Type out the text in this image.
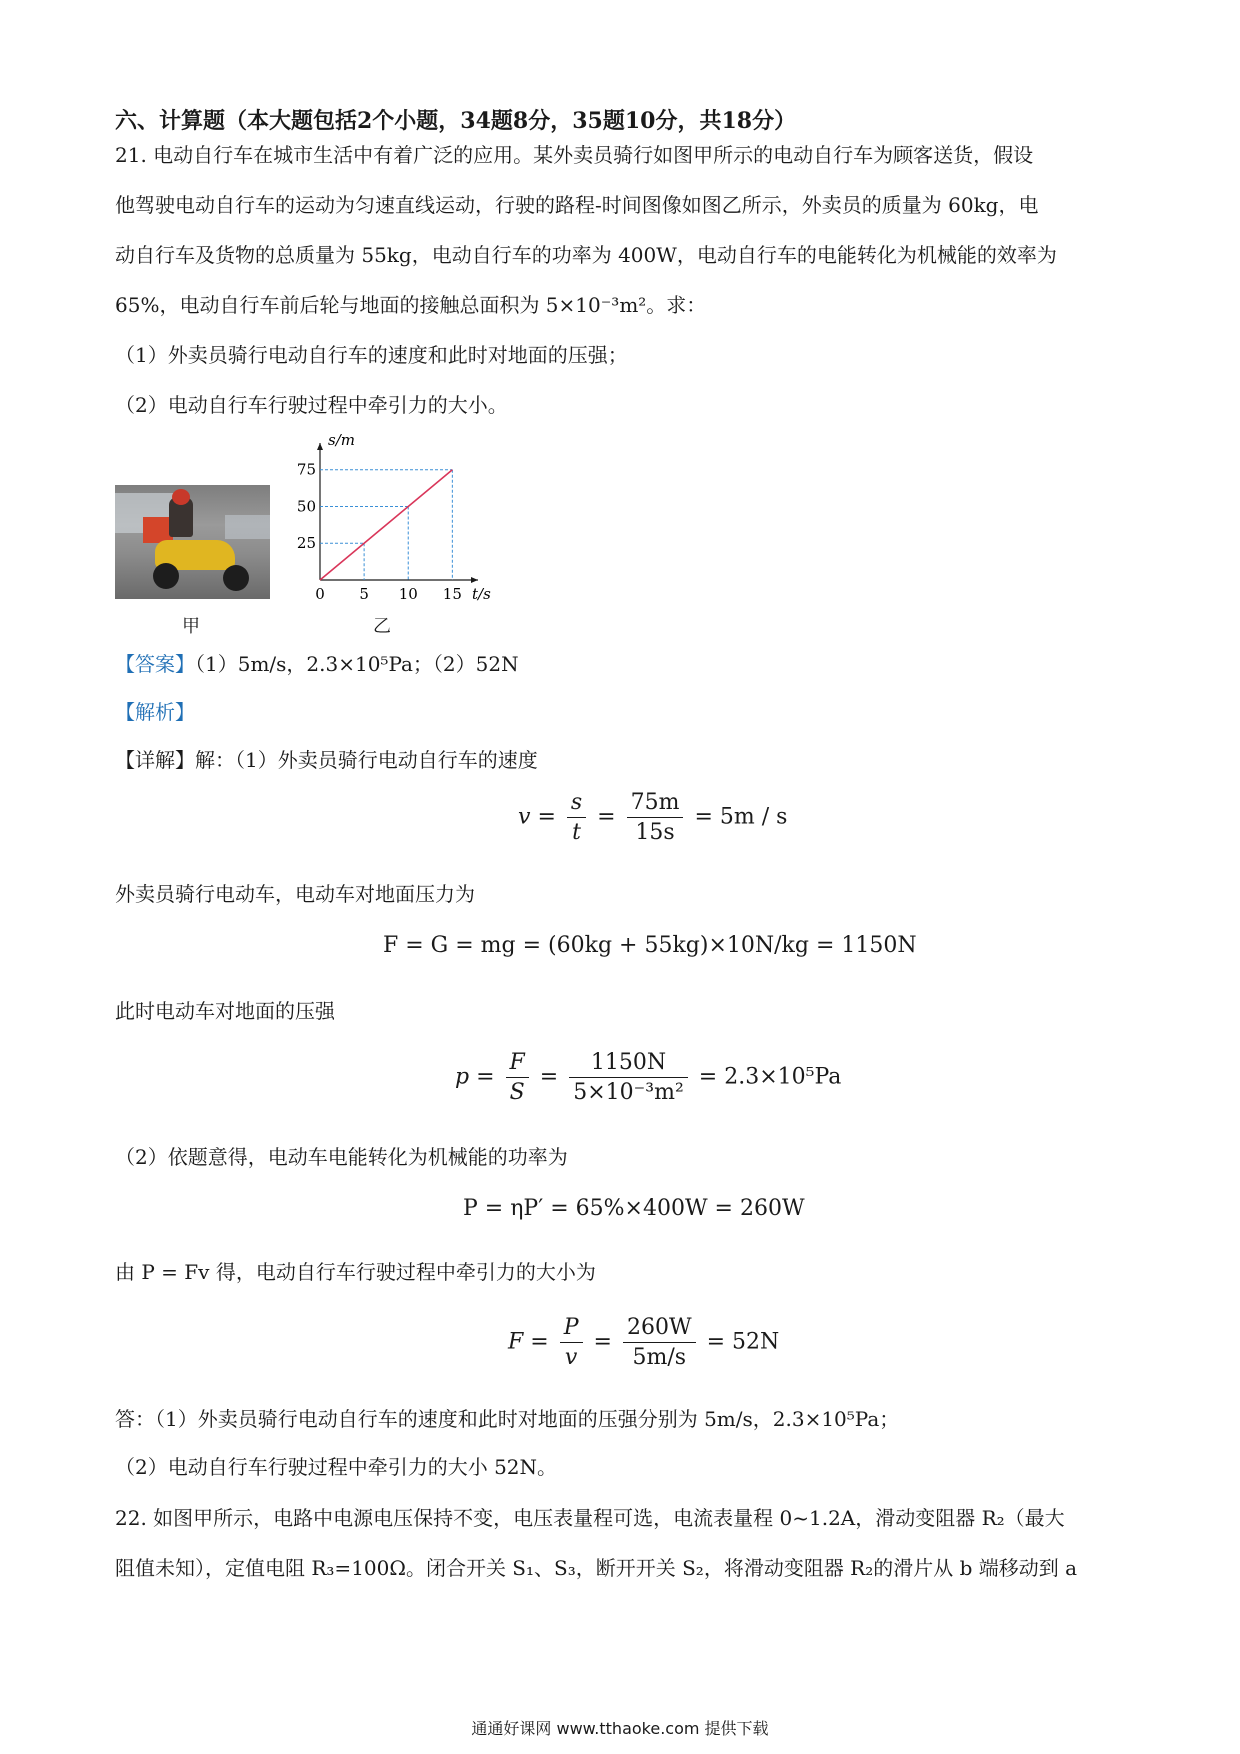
六、计算题（本大题包括2个小题，34题8分，35题10分，共18分）
21. 电动自行车在城市生活中有着广泛的应用。某外卖员骑行如图甲所示的电动自行车为顾客送货，假设
他驾驶电动自行车的运动为匀速直线运动，行驶的路程-时间图像如图乙所示，外卖员的质量为 60kg，电
动自行车及货物的总质量为 55kg，电动自行车的功率为 400W，电动自行车的电能转化为机械能的效率为
65%，电动自行车前后轮与地面的接触总面积为 5×10⁻³m²。求：
（1）外卖员骑行电动自行车的速度和此时对地面的压强；
（2）电动自行车行驶过程中牵引力的大小。
甲
0 5 10 15
25
50
75
t/s
s/m
乙
【答案】（1）5m/s，2.3×10⁵Pa；（2）52N
【解析】
【详解】解：（1）外卖员骑行电动自行车的速度
$v = \frac{s}{t} = \frac{75m}{15s} = 5m / s$
外卖员骑行电动车，电动车对地面压力为
F = G = mg = (60kg + 55kg)×10N/kg = 1150N
此时电动车对地面的压强
$p = \frac{F}{S} = \frac{1150N}{\text{5×10⁻³m²}} = 2.3\times 10^5Pa$
（2）依题意得，电动车电能转化为机械能的功率为
P = ηP′ = 65%×400W = 260W
由 P = Fv 得，电动自行车行驶过程中牵引力的大小为
$F = \frac{P}{v} = \frac{260W}{5m/s} = 52N$
答：（1）外卖员骑行电动自行车的速度和此时对地面的压强分别为 5m/s，2.3×10⁵Pa；
（2）电动自行车行驶过程中牵引力的大小 52N。
22. 如图甲所示，电路中电源电压保持不变，电压表量程可选，电流表量程 0~1.2A，滑动变阻器 R₂（最大
阻值未知），定值电阻 R₃=100Ω。闭合开关 S₁、S₃，断开开关 S₂，将滑动变阻器 R₂的滑片从 b 端移动到 a
通通好课网 www.tthaoke.com 提供下载
